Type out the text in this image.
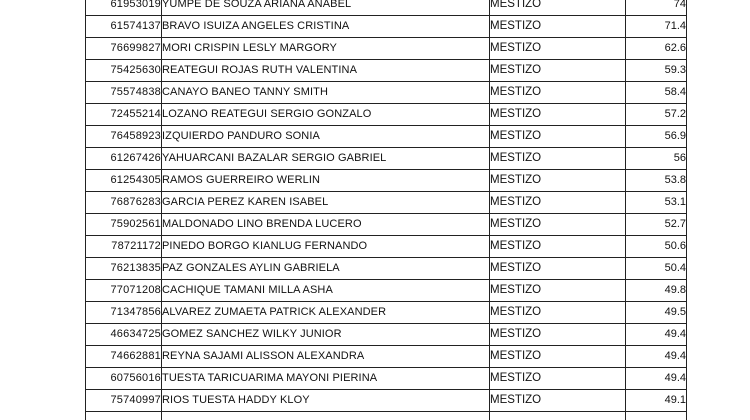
61953019	YUMPE DE SOUZA ARIANA ANABEL	MESTIZO	74
61574137	BRAVO ISUIZA ANGELES CRISTINA	MESTIZO	71.4
76699827	MORI CRISPIN LESLY MARGORY	MESTIZO	62.6
75425630	REATEGUI ROJAS RUTH VALENTINA	MESTIZO	59.3
75574838	CANAYO BANEO TANNY SMITH	MESTIZO	58.4
72455214	LOZANO REATEGUI SERGIO GONZALO	MESTIZO	57.2
76458923	IZQUIERDO PANDURO SONIA	MESTIZO	56.9
61267426	YAHUARCANI BAZALAR SERGIO GABRIEL	MESTIZO	56
61254305	RAMOS GUERREIRO WERLIN	MESTIZO	53.8
76876283	GARCIA PEREZ KAREN ISABEL	MESTIZO	53.1
75902561	MALDONADO LINO BRENDA LUCERO	MESTIZO	52.7
78721172	PINEDO BORGO KIANLUG FERNANDO	MESTIZO	50.6
76213835	PAZ GONZALES AYLIN GABRIELA	MESTIZO	50.4
77071208	CACHIQUE TAMANI MILLA ASHA	MESTIZO	49.8
71347856	ALVAREZ ZUMAETA PATRICK ALEXANDER	MESTIZO	49.5
46634725	GOMEZ SANCHEZ WILKY JUNIOR	MESTIZO	49.4
74662881	REYNA SAJAMI ALISSON ALEXANDRA	MESTIZO	49.4
60756016	TUESTA TARICUARIMA MAYONI PIERINA	MESTIZO	49.4
75740997	RIOS TUESTA HADDY KLOY	MESTIZO	49.1
